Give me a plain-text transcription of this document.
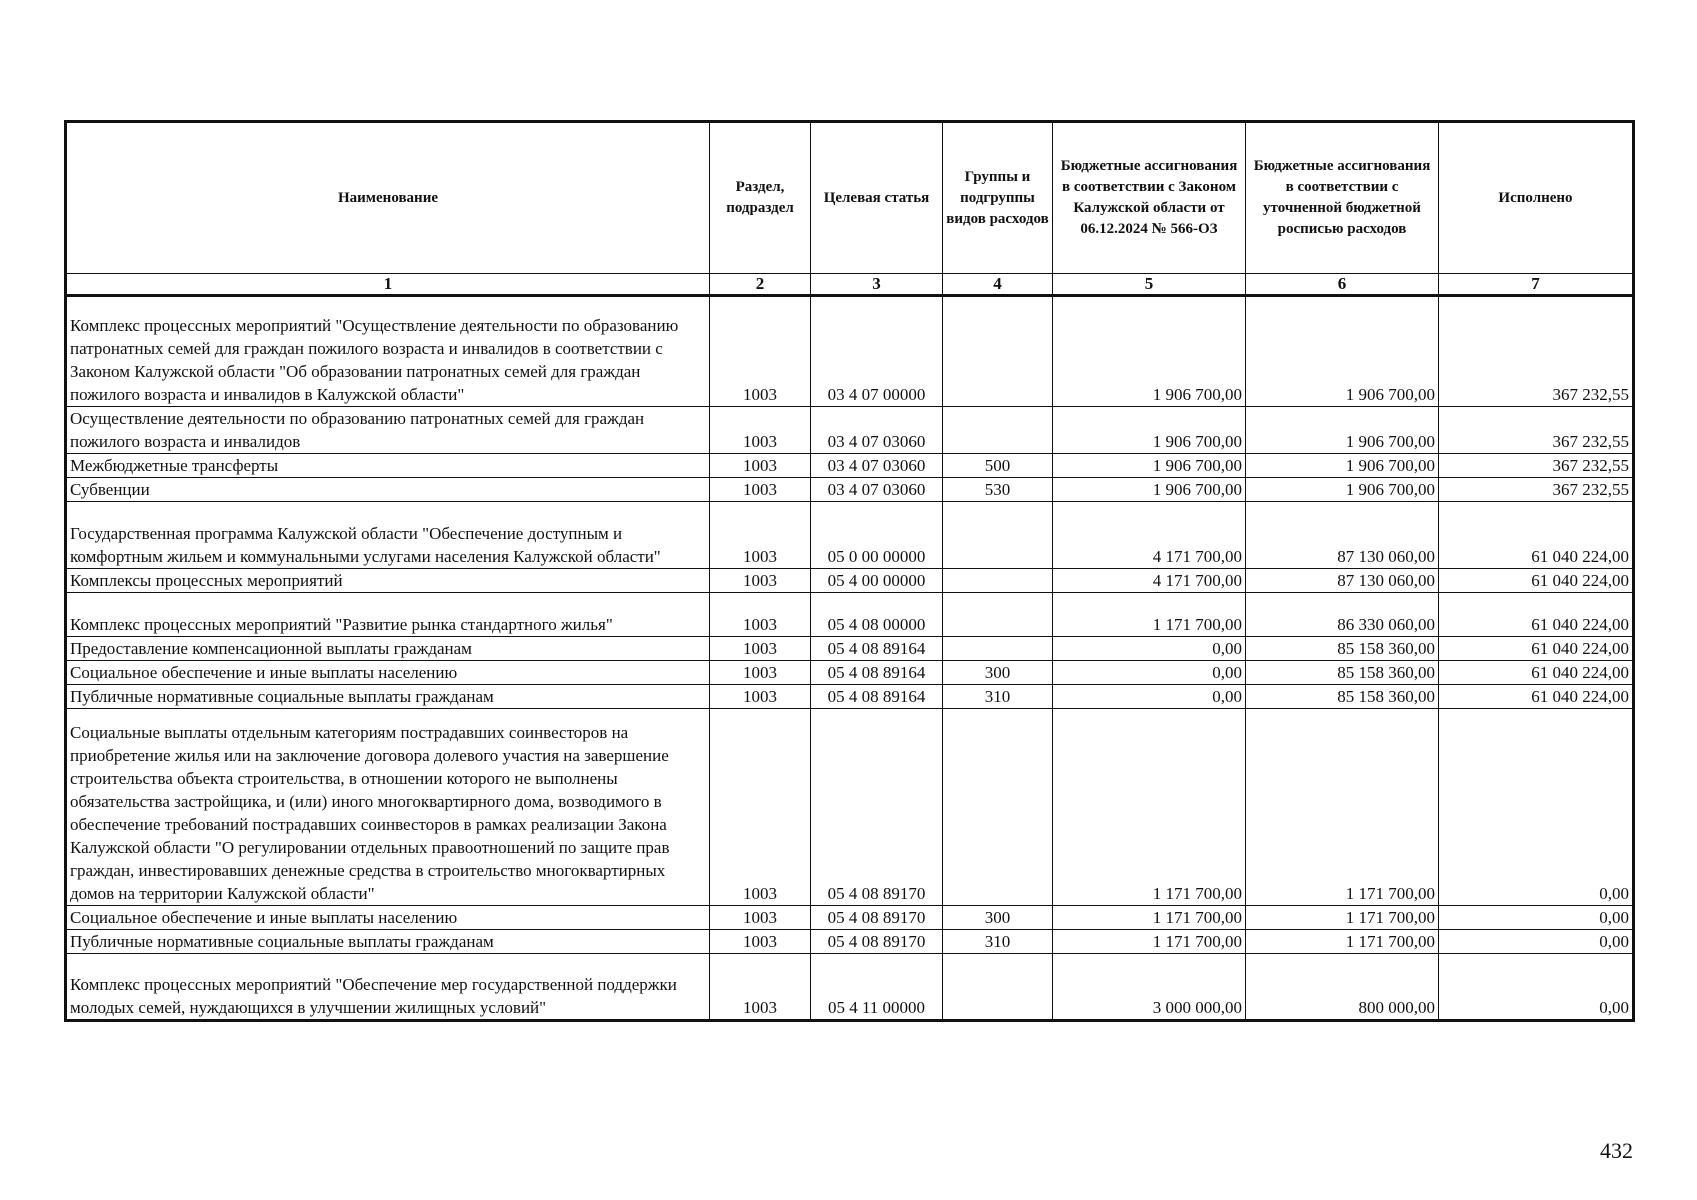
Наименование	Раздел, подраздел	Целевая статья	Группы и подгруппы видов расходов	Бюджетные ассигнования в соответствии с Законом Калужской области от 06.12.2024 № 566-ОЗ	Бюджетные ассигнования в соответствии с уточненной бюджетной росписью расходов	Исполнено
1	2	3	4	5	6	7
Комплекс процессных мероприятий "Осуществление деятельности по образованию патронатных семей для граждан пожилого возраста и инвалидов в соответствии с Законом Калужской области "Об образовании патронатных семей для граждан пожилого возраста и инвалидов в Калужской области"	1003	03 4 07 00000		1 906 700,00	1 906 700,00	367 232,55
Осуществление деятельности по образованию патронатных семей для граждан пожилого возраста и инвалидов	1003	03 4 07 03060		1 906 700,00	1 906 700,00	367 232,55
Межбюджетные трансферты	1003	03 4 07 03060	500	1 906 700,00	1 906 700,00	367 232,55
Субвенции	1003	03 4 07 03060	530	1 906 700,00	1 906 700,00	367 232,55
Государственная программа Калужской области "Обеспечение доступным и комфортным жильем и коммунальными услугами населения Калужской области"	1003	05 0 00 00000		4 171 700,00	87 130 060,00	61 040 224,00
Комплексы процессных мероприятий	1003	05 4 00 00000		4 171 700,00	87 130 060,00	61 040 224,00
Комплекс процессных мероприятий "Развитие рынка стандартного жилья"	1003	05 4 08 00000		1 171 700,00	86 330 060,00	61 040 224,00
Предоставление компенсационной выплаты гражданам	1003	05 4 08 89164		0,00	85 158 360,00	61 040 224,00
Социальное обеспечение и иные выплаты населению	1003	05 4 08 89164	300	0,00	85 158 360,00	61 040 224,00
Публичные нормативные социальные выплаты гражданам	1003	05 4 08 89164	310	0,00	85 158 360,00	61 040 224,00
Социальные выплаты отдельным категориям пострадавших соинвесторов на приобретение жилья или на заключение договора долевого участия на завершение строительства объекта строительства, в отношении которого не выполнены обязательства застройщика, и (или) иного многоквартирного дома, возводимого в обеспечение требований пострадавших соинвесторов в рамках реализации Закона Калужской области "О регулировании отдельных правоотношений по защите прав граждан, инвестировавших денежные средства в строительство многоквартирных домов на территории Калужской области"	1003	05 4 08 89170		1 171 700,00	1 171 700,00	0,00
Социальное обеспечение и иные выплаты населению	1003	05 4 08 89170	300	1 171 700,00	1 171 700,00	0,00
Публичные нормативные социальные выплаты гражданам	1003	05 4 08 89170	310	1 171 700,00	1 171 700,00	0,00
Комплекс процессных мероприятий "Обеспечение мер государственной поддержки молодых семей, нуждающихся в улучшении жилищных условий"	1003	05 4 11 00000		3 000 000,00	800 000,00	0,00
432
